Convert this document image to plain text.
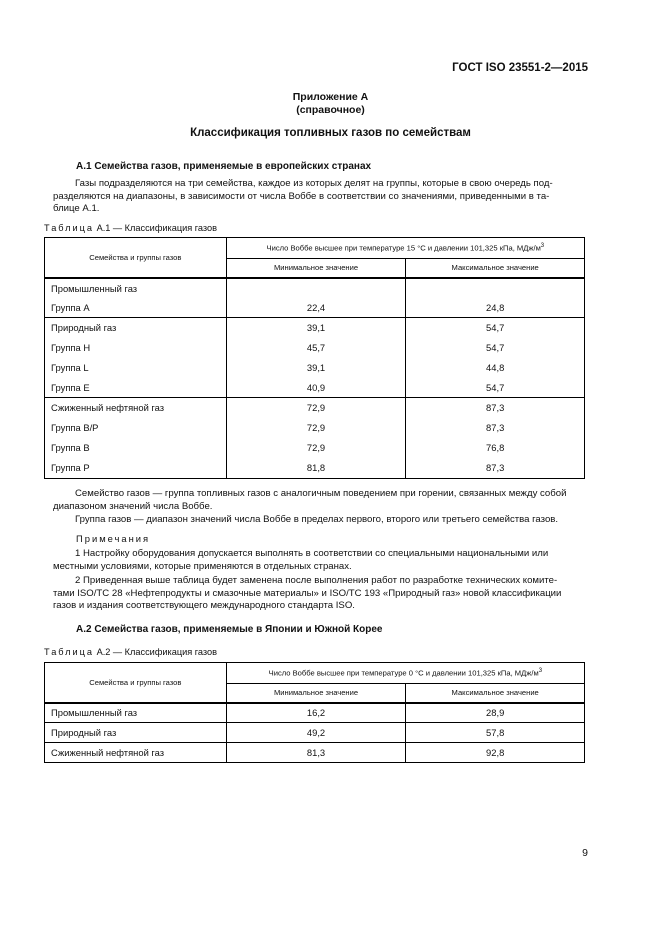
ГОСТ ISO 23551-2—2015
Приложение А
(справочное)
Классификация топливных газов по семействам
А.1 Семейства газов, применяемые в европейских странах
Газы подразделяются на три семейства, каждое из которых делят на группы, которые в свою очередь под-
разделяются на диапазоны, в зависимости от числа Воббе в соответствии со значениями, приведенными в та-
блице А.1.
Таблица А.1 — Классификация газов
Семейства и группы газов	Число Воббе высшее при температуре 15 °С и давлении 101,325 кПа, МДж/$м^3$
	Минимальное значение	Максимальное значение
Промышленный газ		
Группа А	22,4	24,8
Природный газ	39,1	54,7
Группа Н	45,7	54,7
Группа L	39,1	44,8
Группа Е	40,9	54,7
Сжиженный нефтяной газ	72,9	87,3
Группа В/Р	72,9	87,3
Группа В	72,9	76,8
Группа Р	81,8	87,3
Семейство газов — группа топливных газов с аналогичным поведением при горении, связанных между собой
диапазоном значений числа Воббе.
Группа газов — диапазон значений числа Воббе в пределах первого, второго или третьего семейства газов.
Примечания
1 Настройку оборудования допускается выполнять в соответствии со специальными национальными или
местными условиями, которые применяются в отдельных странах.
2 Приведенная выше таблица будет заменена после выполнения работ по разработке технических комите-
тами ISO/TC 28 «Нефтепродукты и смазочные материалы» и ISO/TC 193 «Природный газ» новой классификации
газов и издания соответствующего международного стандарта ISO.
А.2 Семейства газов, применяемые в Японии и Южной Корее
Таблица А.2 — Классификация газов
Семейства и группы газов	Число Воббе высшее при температуре 0 °С и давлении 101,325 кПа, МДж/$м^3$
	Минимальное значение	Максимальное значение
Промышленный газ	16,2	28,9
Природный газ	49,2	57,8
Сжиженный нефтяной газ	81,3	92,8
9
